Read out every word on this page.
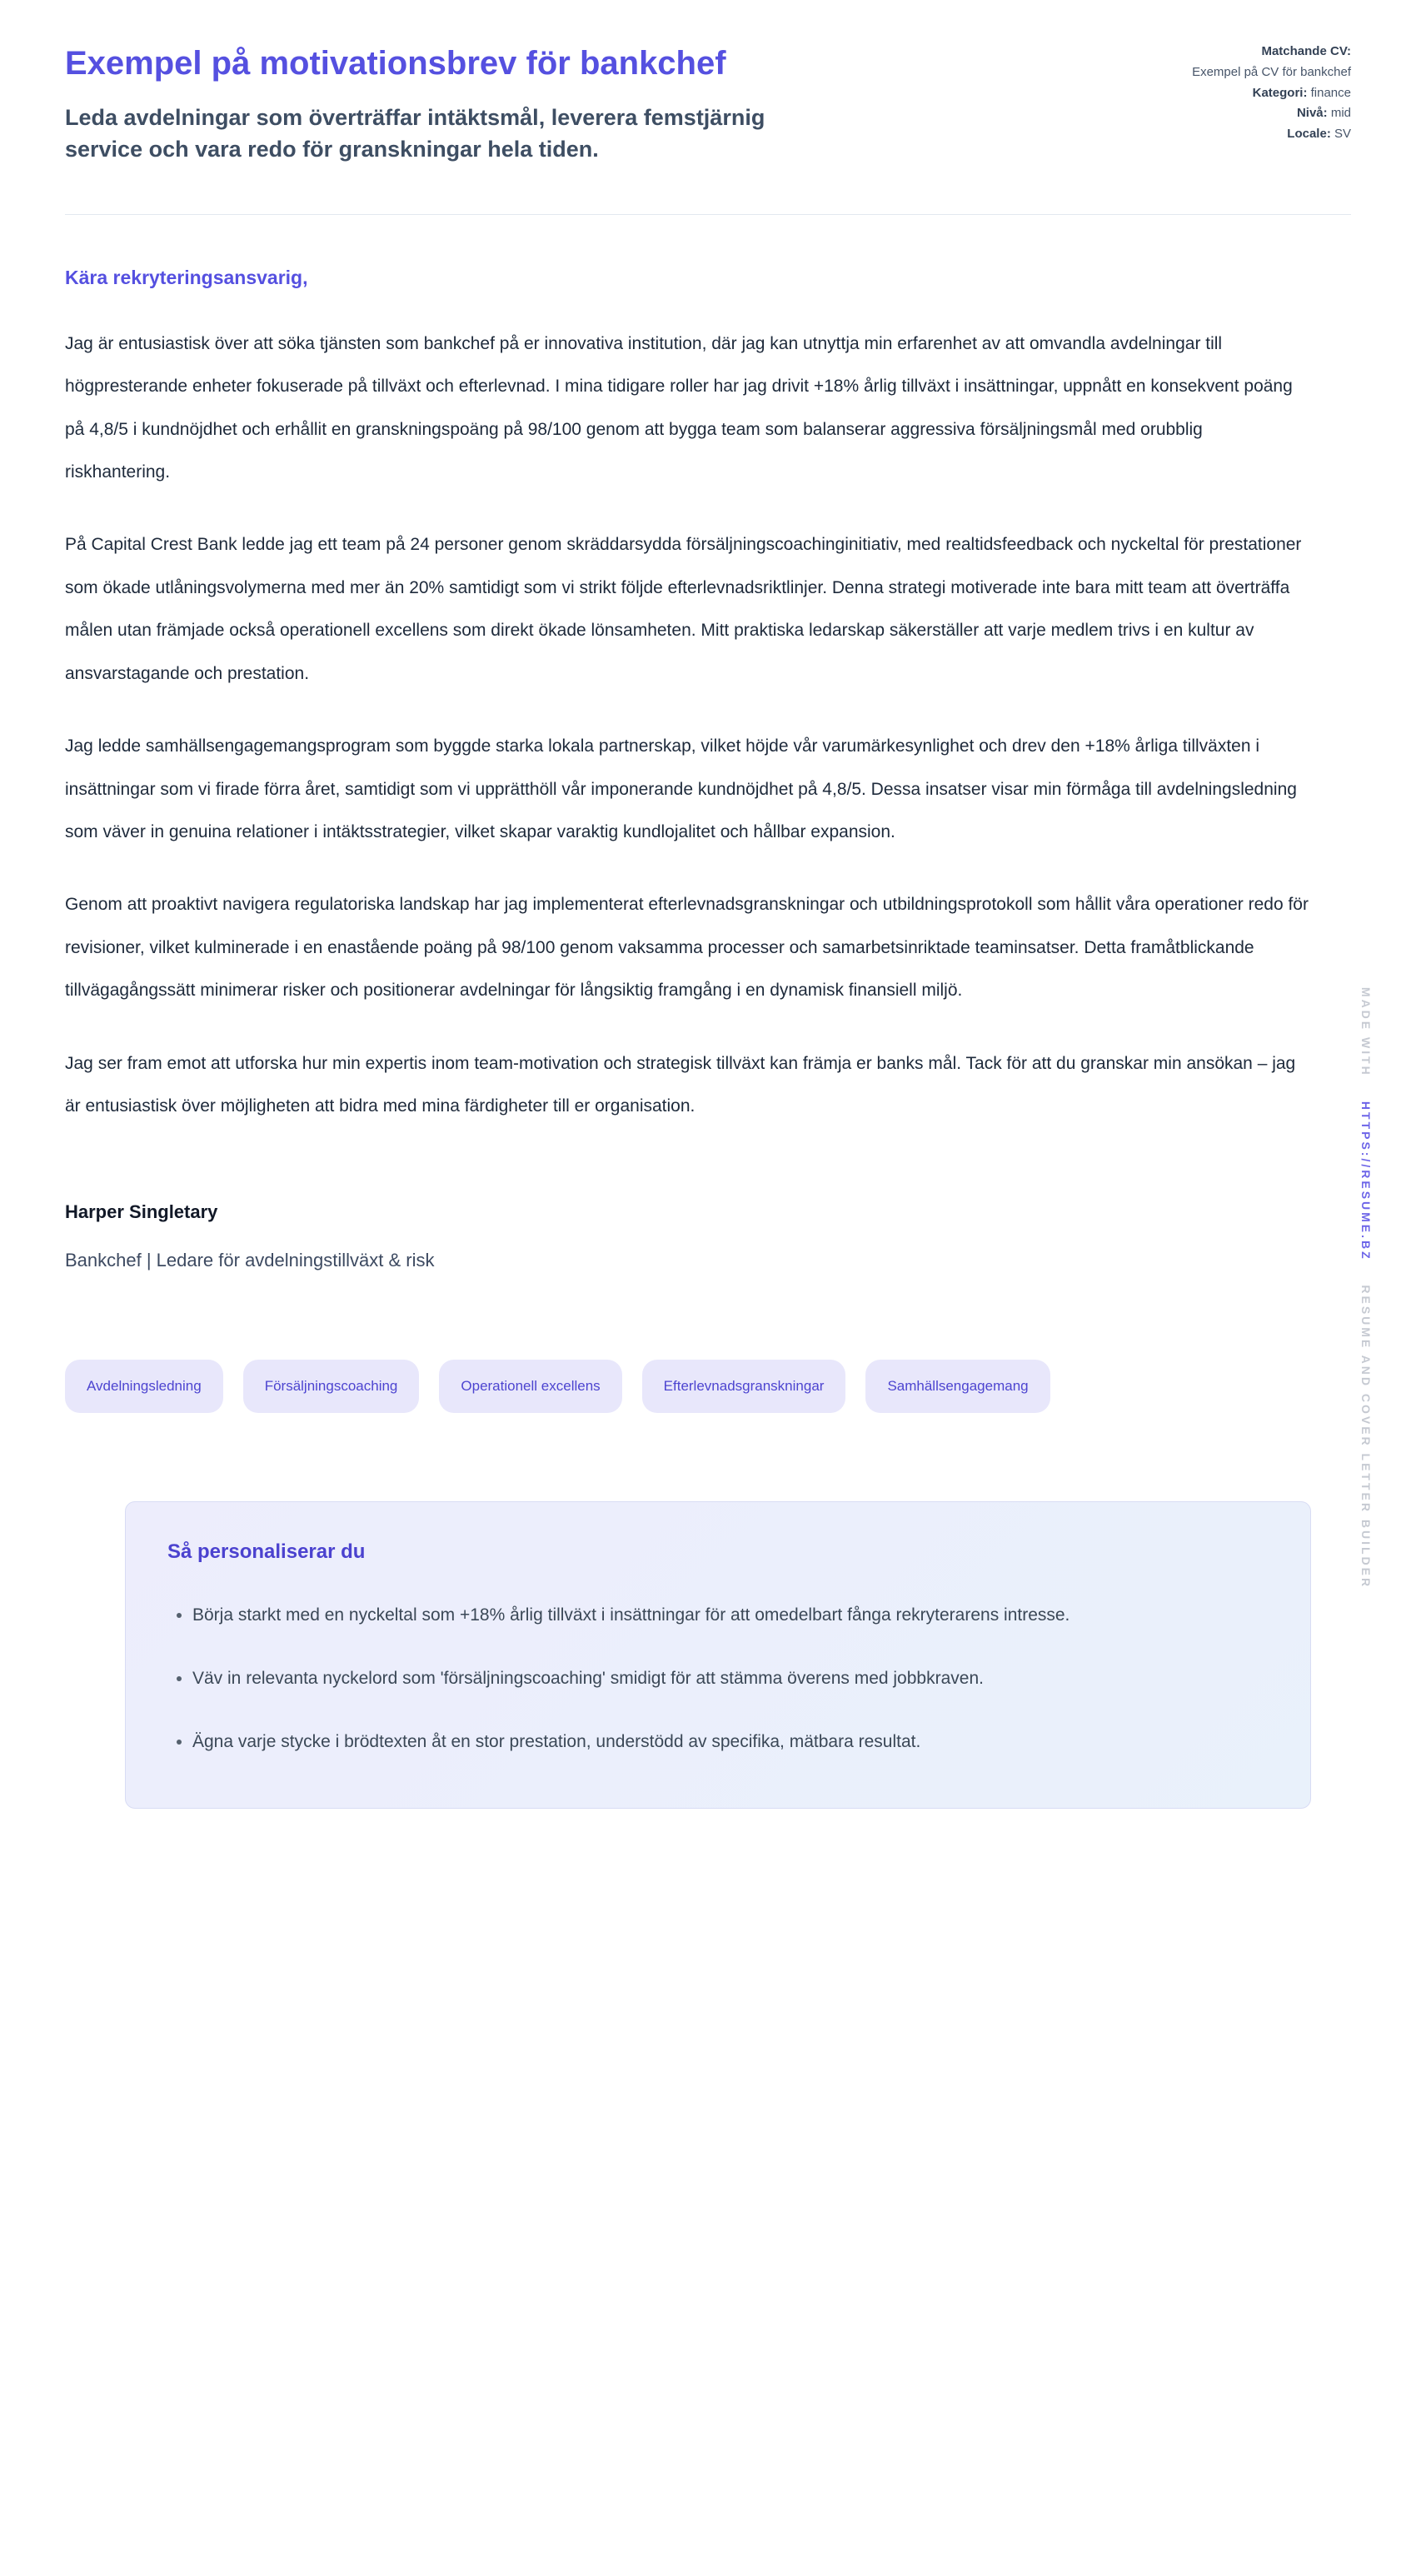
Exempel på motivationsbrev för bankchef
Leda avdelningar som överträffar intäktsmål, leverera femstjärnig service och vara redo för granskningar hela tiden.
Matchande CV:
Exempel på CV för bankchef
Kategori: finance
Nivå: mid
Locale: SV
Kära rekryteringsansvarig,

Jag är entusiastisk över att söka tjänsten som bankchef på er innovativa institution, där jag kan utnyttja min erfarenhet av att omvandla avdelningar till högpresterande enheter fokuserade på tillväxt och efterlevnad. I mina tidigare roller har jag drivit +18% årlig tillväxt i insättningar, uppnått en konsekvent poäng på 4,8/5 i kundnöjdhet och erhållit en granskningspoäng på 98/100 genom att bygga team som balanserar aggressiva försäljningsmål med orubblig riskhantering.

På Capital Crest Bank ledde jag ett team på 24 personer genom skräddarsydda försäljningscoachinginitiativ, med realtidsfeedback och nyckeltal för prestationer som ökade utlåningsvolymerna med mer än 20% samtidigt som vi strikt följde efterlevnadsriktlinjer. Denna strategi motiverade inte bara mitt team att överträffa målen utan främjade också operationell excellens som direkt ökade lönsamheten. Mitt praktiska ledarskap säkerställer att varje medlem trivs i en kultur av ansvarstagande och prestation.

Jag ledde samhällsengagemangsprogram som byggde starka lokala partnerskap, vilket höjde vår varumärkesynlighet och drev den +18% årliga tillväxten i insättningar som vi firade förra året, samtidigt som vi upprätthöll vår imponerande kundnöjdhet på 4,8/5. Dessa insatser visar min förmåga till avdelningsledning som väver in genuina relationer i intäktsstrategier, vilket skapar varaktig kundlojalitet och hållbar expansion.

Genom att proaktivt navigera regulatoriska landskap har jag implementerat efterlevnadsgranskningar och utbildningsprotokoll som hållit våra operationer redo för revisioner, vilket kulminerade i en enastående poäng på 98/100 genom vaksamma processer och samarbetsinriktade teaminsatser. Detta framåtblickande tillvägagångssätt minimerar risker och positionerar avdelningar för långsiktig framgång i en dynamisk finansiell miljö.

Jag ser fram emot att utforska hur min expertis inom team-motivation och strategisk tillväxt kan främja er banks mål. Tack för att du granskar min ansökan – jag är entusiastisk över möjligheten att bidra med mina färdigheter till er organisation.

Harper Singletary
Bankchef | Ledare för avdelningstillväxt & risk
Avdelningsledning	Försäljningscoaching	Operationell excellens	Efterlevnadsgranskningar	Samhällsengagemang
Så personaliserar du
• Börja starkt med en nyckeltal som +18% årlig tillväxt i insättningar för att omedelbart fånga rekryterarens intresse.
• Väv in relevanta nyckelord som 'försäljningscoaching' smidigt för att stämma överens med jobbkraven.
• Ägna varje stycke i brödtexten åt en stor prestation, understödd av specifika, mätbara resultat.
MADE WITH HTTPS://RESUME.BZ RESUME AND COVER LETTER BUILDER
